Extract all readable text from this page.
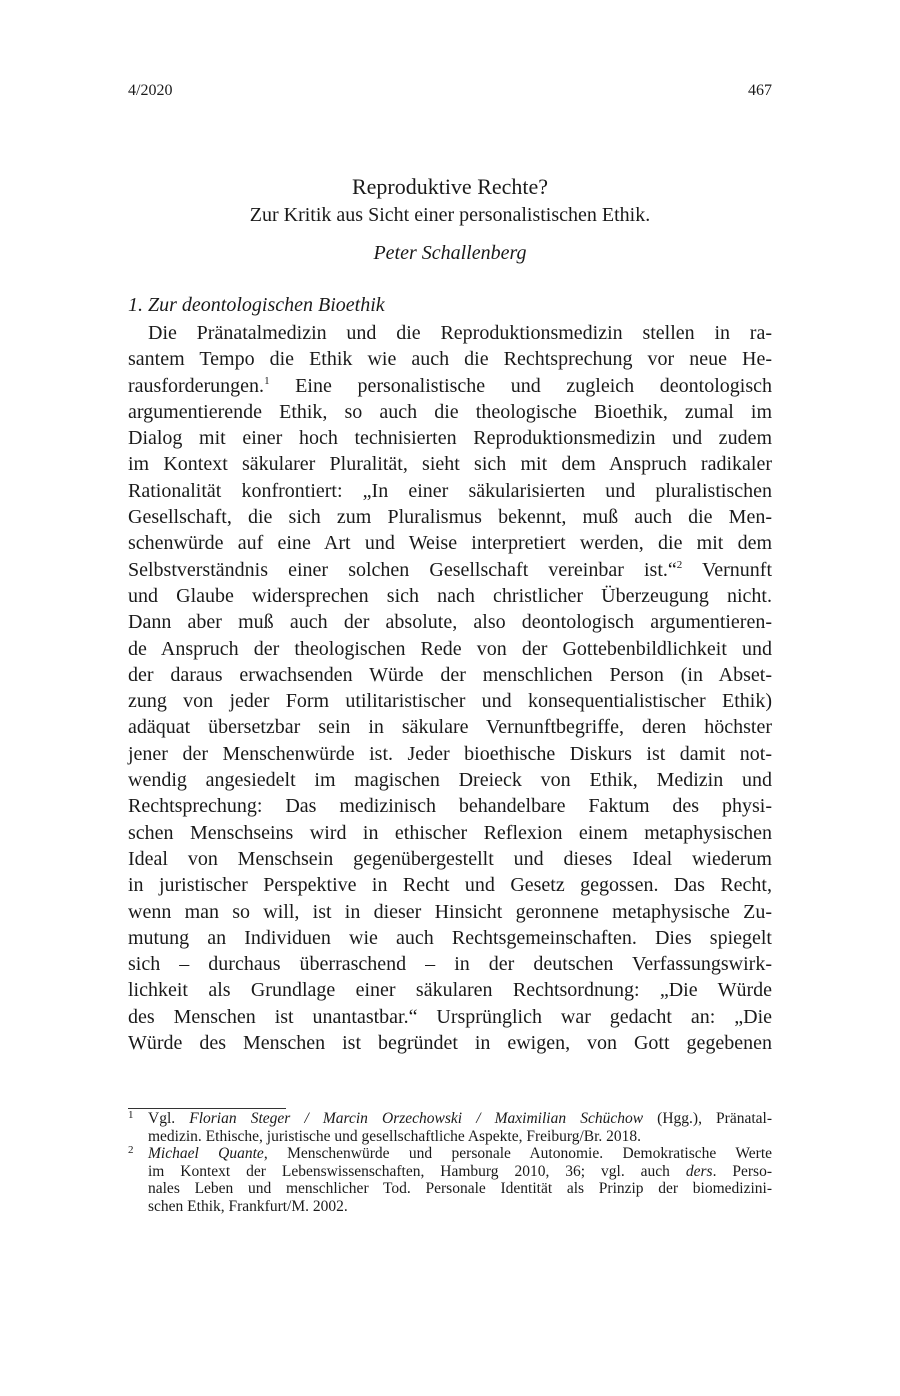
4/2020	467
Reproduktive Rechte?
Zur Kritik aus Sicht einer personalistischen Ethik.
Peter Schallenberg
1. Zur deontologischen Bioethik
Die Pränatalmedizin und die Reproduktionsmedizin stellen in ra-
santem Tempo die Ethik wie auch die Rechtsprechung vor neue He-
rausforderungen.$^1$ Eine personalistische und zugleich deontologisch
argumentierende Ethik, so auch die theologische Bioethik, zumal im
Dialog mit einer hoch technisierten Reproduktionsmedizin und zudem
im Kontext säkularer Pluralität, sieht sich mit dem Anspruch radikaler
Rationalität konfrontiert: „In einer säkularisierten und pluralistischen
Gesellschaft, die sich zum Pluralismus bekennt, muß auch die Men-
schenwürde auf eine Art und Weise interpretiert werden, die mit dem
Selbstverständnis einer solchen Gesellschaft vereinbar ist.“$^2$ Vernunft
und Glaube widersprechen sich nach christlicher Überzeugung nicht.
Dann aber muß auch der absolute, also deontologisch argumentieren-
de Anspruch der theologischen Rede von der Gottebenbildlichkeit und
der daraus erwachsenden Würde der menschlichen Person (in Abset-
zung von jeder Form utilitaristischer und konsequentialistischer Ethik)
adäquat übersetzbar sein in säkulare Vernunftbegriffe, deren höchster
jener der Menschenwürde ist. Jeder bioethische Diskurs ist damit not-
wendig angesiedelt im magischen Dreieck von Ethik, Medizin und
Rechtsprechung: Das medizinisch behandelbare Faktum des physi-
schen Menschseins wird in ethischer Reflexion einem metaphysischen
Ideal von Menschsein gegenübergestellt und dieses Ideal wiederum
in juristischer Perspektive in Recht und Gesetz gegossen. Das Recht,
wenn man so will, ist in dieser Hinsicht geronnene metaphysische Zu-
mutung an Individuen wie auch Rechtsgemeinschaften. Dies spiegelt
sich – durchaus überraschend – in der deutschen Verfassungswirk-
lichkeit als Grundlage einer säkularen Rechtsordnung: „Die Würde
des Menschen ist unantastbar.“ Ursprünglich war gedacht an: „Die
Würde des Menschen ist begründet in ewigen, von Gott gegebenen
1 Vgl. Florian Steger / Marcin Orzechowski / Maximilian Schüchow (Hgg.), Pränatal-
medizin. Ethische, juristische und gesellschaftliche Aspekte, Freiburg/Br. 2018.
2 Michael Quante, Menschenwürde und personale Autonomie. Demokratische Werte
im Kontext der Lebenswissenschaften, Hamburg 2010, 36; vgl. auch ders. Perso-
nales Leben und menschlicher Tod. Personale Identität als Prinzip der biomedizini-
schen Ethik, Frankfurt/M. 2002.
